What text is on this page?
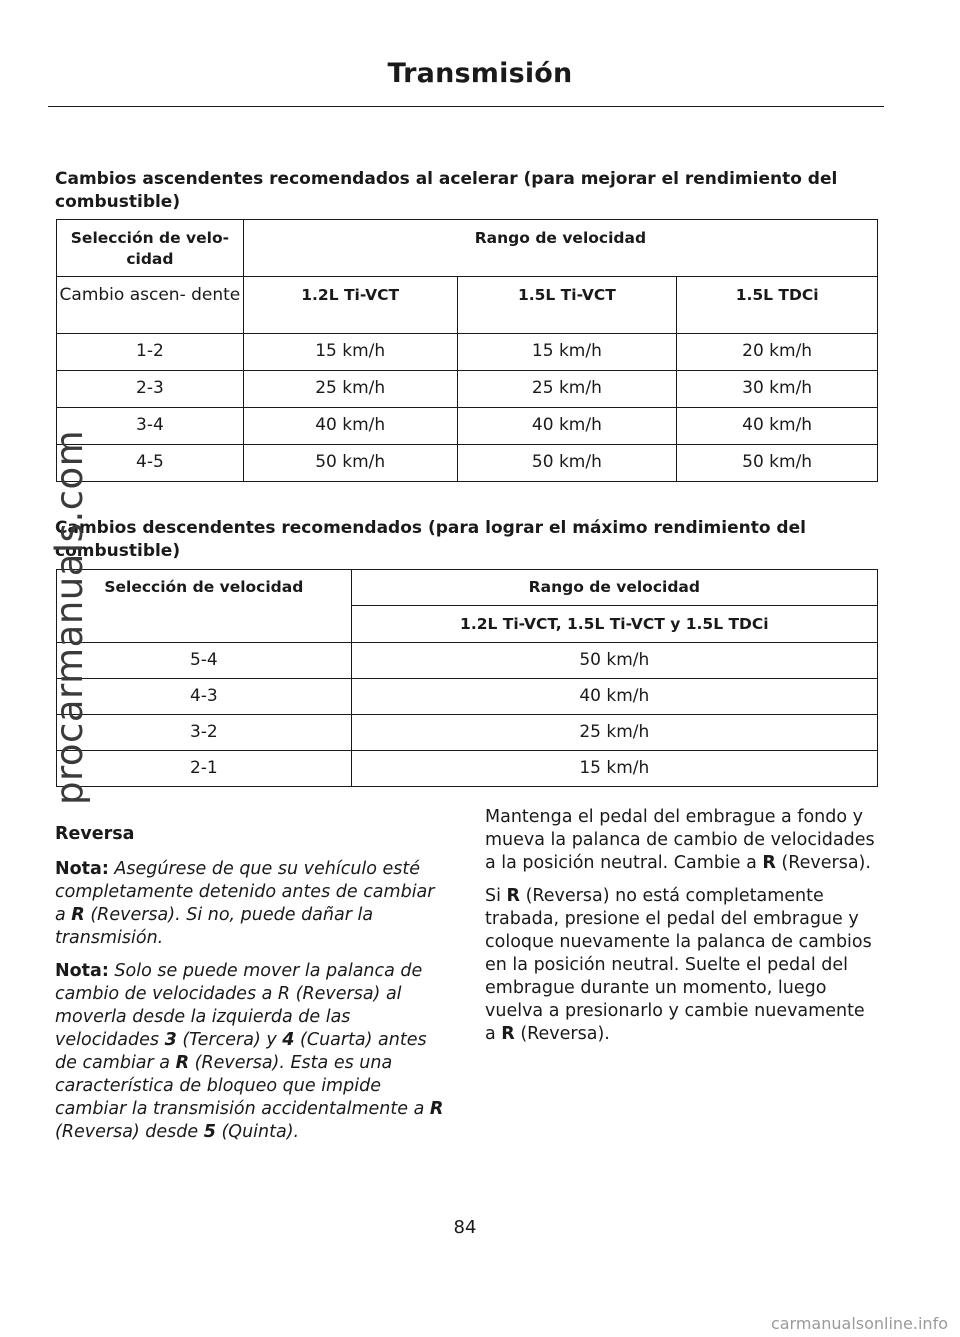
Transmisión
Cambios ascendentes recomendados al acelerar (para mejorar el rendimiento del combustible)
Selección de velo- cidad	Rango de velocidad		
Cambio ascen- dente	1.2L Ti-VCT	1.5L Ti-VCT	1.5L TDCi
1-2	15 km/h	15 km/h	20 km/h
2-3	25 km/h	25 km/h	30 km/h
3-4	40 km/h	40 km/h	40 km/h
4-5	50 km/h	50 km/h	50 km/h
Cambios descendentes recomendados (para lograr el máximo rendimiento del combustible)
Selección de velocidad	Rango de velocidad
	1.2L Ti-VCT, 1.5L Ti-VCT y 1.5L TDCi
5-4	50 km/h
4-3	40 km/h
3-2	25 km/h
2-1	15 km/h

Reversa

Nota: Asegúrese de que su vehículo esté completamente detenido antes de cambiar a R (Reversa). Si no, puede dañar la transmisión.

Nota: Solo se puede mover la palanca de cambio de velocidades a R (Reversa) al moverla desde la izquierda de las velocidades 3 (Tercera) y 4 (Cuarta) antes de cambiar a R (Reversa). Esta es una característica de bloqueo que impide cambiar la transmisión accidentalmente a R (Reversa) desde 5 (Quinta).

Mantenga el pedal del embrague a fondo y mueva la palanca de cambio de velocidades a la posición neutral. Cambie a R (Reversa).

Si R (Reversa) no está completamente trabada, presione el pedal del embrague y coloque nuevamente la palanca de cambios en la posición neutral. Suelte el pedal del embrague durante un momento, luego vuelva a presionarlo y cambie nuevamente a R (Reversa).

procarmanuals.com
84
carmanualsonline.info
